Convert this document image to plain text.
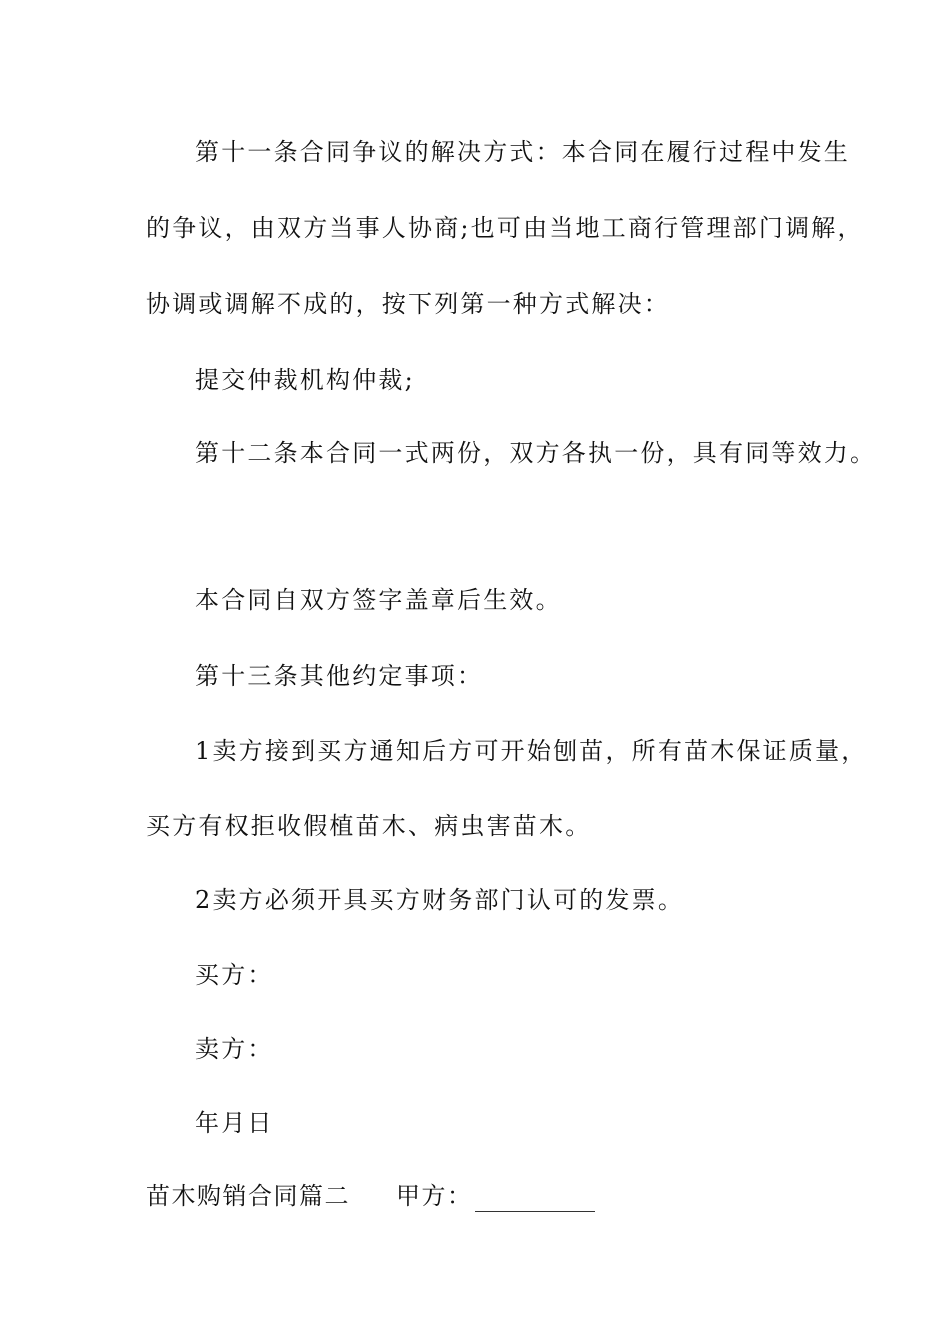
第十一条合同争议的解决方式：本合同在履行过程中发生
的争议，由双方当事人协商;也可由当地工商行管理部门调解，
协调或调解不成的，按下列第一种方式解决：
提交仲裁机构仲裁;
第十二条本合同一式两份，双方各执一份，具有同等效力。
本合同自双方签字盖章后生效。
第十三条其他约定事项：
1卖方接到买方通知后方可开始刨苗，所有苗木保证质量，
买方有权拒收假植苗木、病虫害苗木。
2卖方必须开具买方财务部门认可的发票。
买方：
卖方：
年月日
苗木购销合同篇二 甲方：
